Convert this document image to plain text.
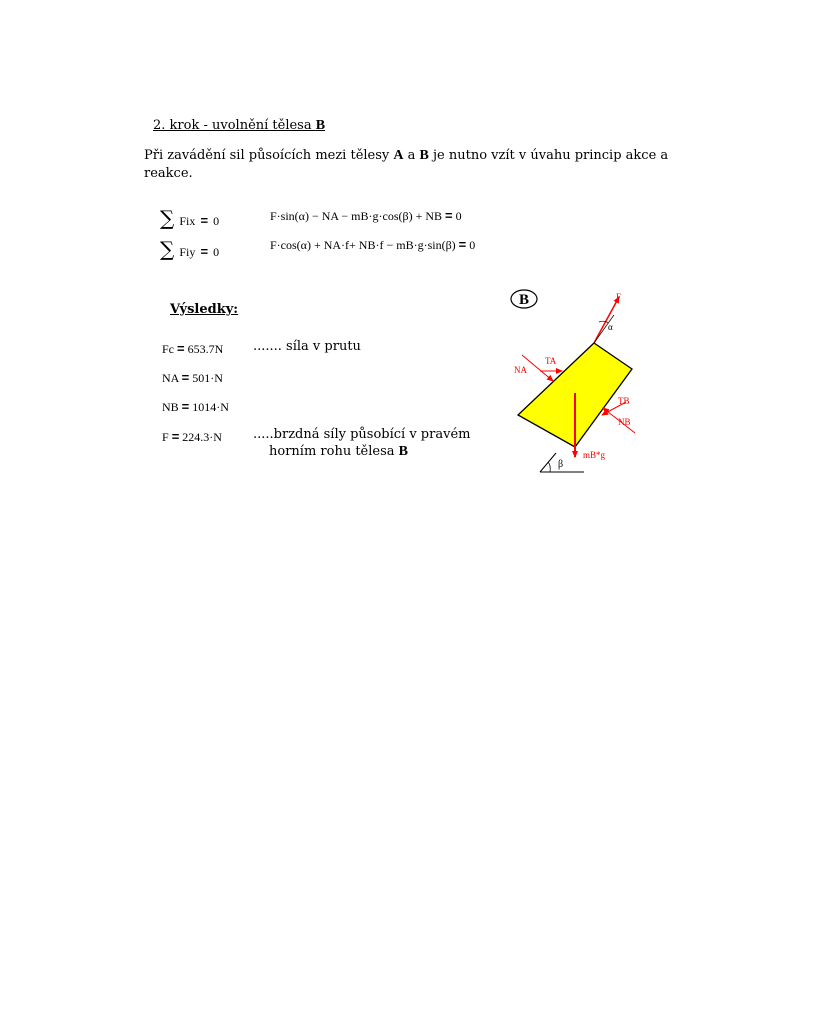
2. krok - uvolnění tělesa B
Při zavádění sil půsoících mezi tělesy A a B je nutno vzít v úvahu princip akce a reakce.
∑ Fix = 0	F·sin(α) − NA − mB·g·cos(β) + NB = 0
∑ Fiy = 0	F·cos(α) + NA·f+ NB·f − mB·g·sin(β) = 0
Výsledky:
Fc = 653.7N ....... síla v prutu
NA = 501·N
NB = 1014·N
F = 224.3·N .....brzdná síly působící v pravém
horním rohu tělesa B
B
β
F
α
NA
TA
mB*g
TB
NB
